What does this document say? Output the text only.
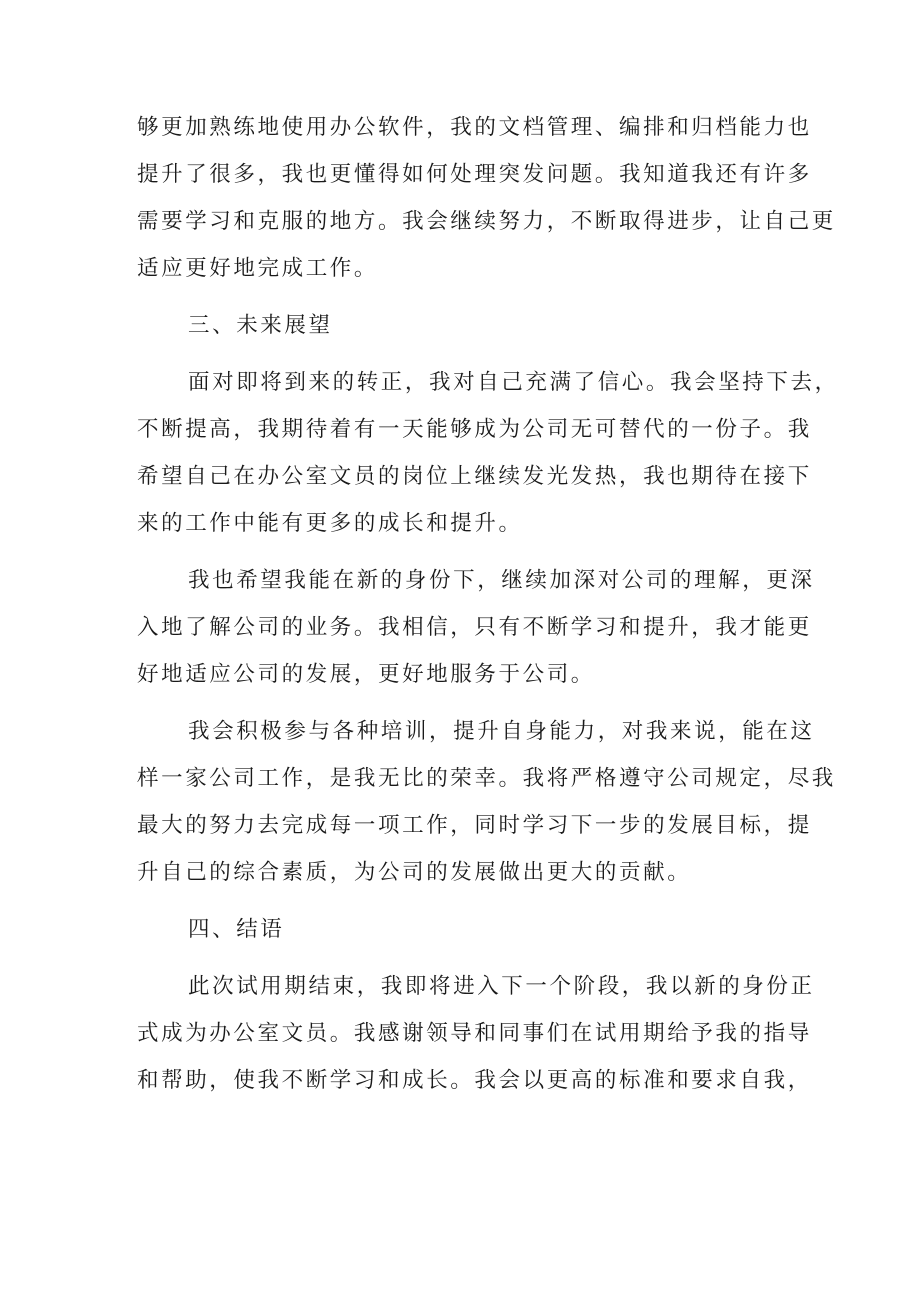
够更加熟练地使用办公软件，我的文档管理、编排和归档能力也
提升了很多，我也更懂得如何处理突发问题。我知道我还有许多
需要学习和克服的地方。我会继续努力，不断取得进步，让自己更
适应更好地完成工作。
三、未来展望
面对即将到来的转正，我对自己充满了信心。我会坚持下去，
不断提高，我期待着有一天能够成为公司无可替代的一份子。我
希望自己在办公室文员的岗位上继续发光发热，我也期待在接下
来的工作中能有更多的成长和提升。
我也希望我能在新的身份下，继续加深对公司的理解，更深
入地了解公司的业务。我相信，只有不断学习和提升，我才能更
好地适应公司的发展，更好地服务于公司。
我会积极参与各种培训，提升自身能力，对我来说，能在这
样一家公司工作，是我无比的荣幸。我将严格遵守公司规定，尽我
最大的努力去完成每一项工作，同时学习下一步的发展目标，提
升自己的综合素质，为公司的发展做出更大的贡献。
四、结语
此次试用期结束，我即将进入下一个阶段，我以新的身份正
式成为办公室文员。我感谢领导和同事们在试用期给予我的指导
和帮助，使我不断学习和成长。我会以更高的标准和要求自我，
